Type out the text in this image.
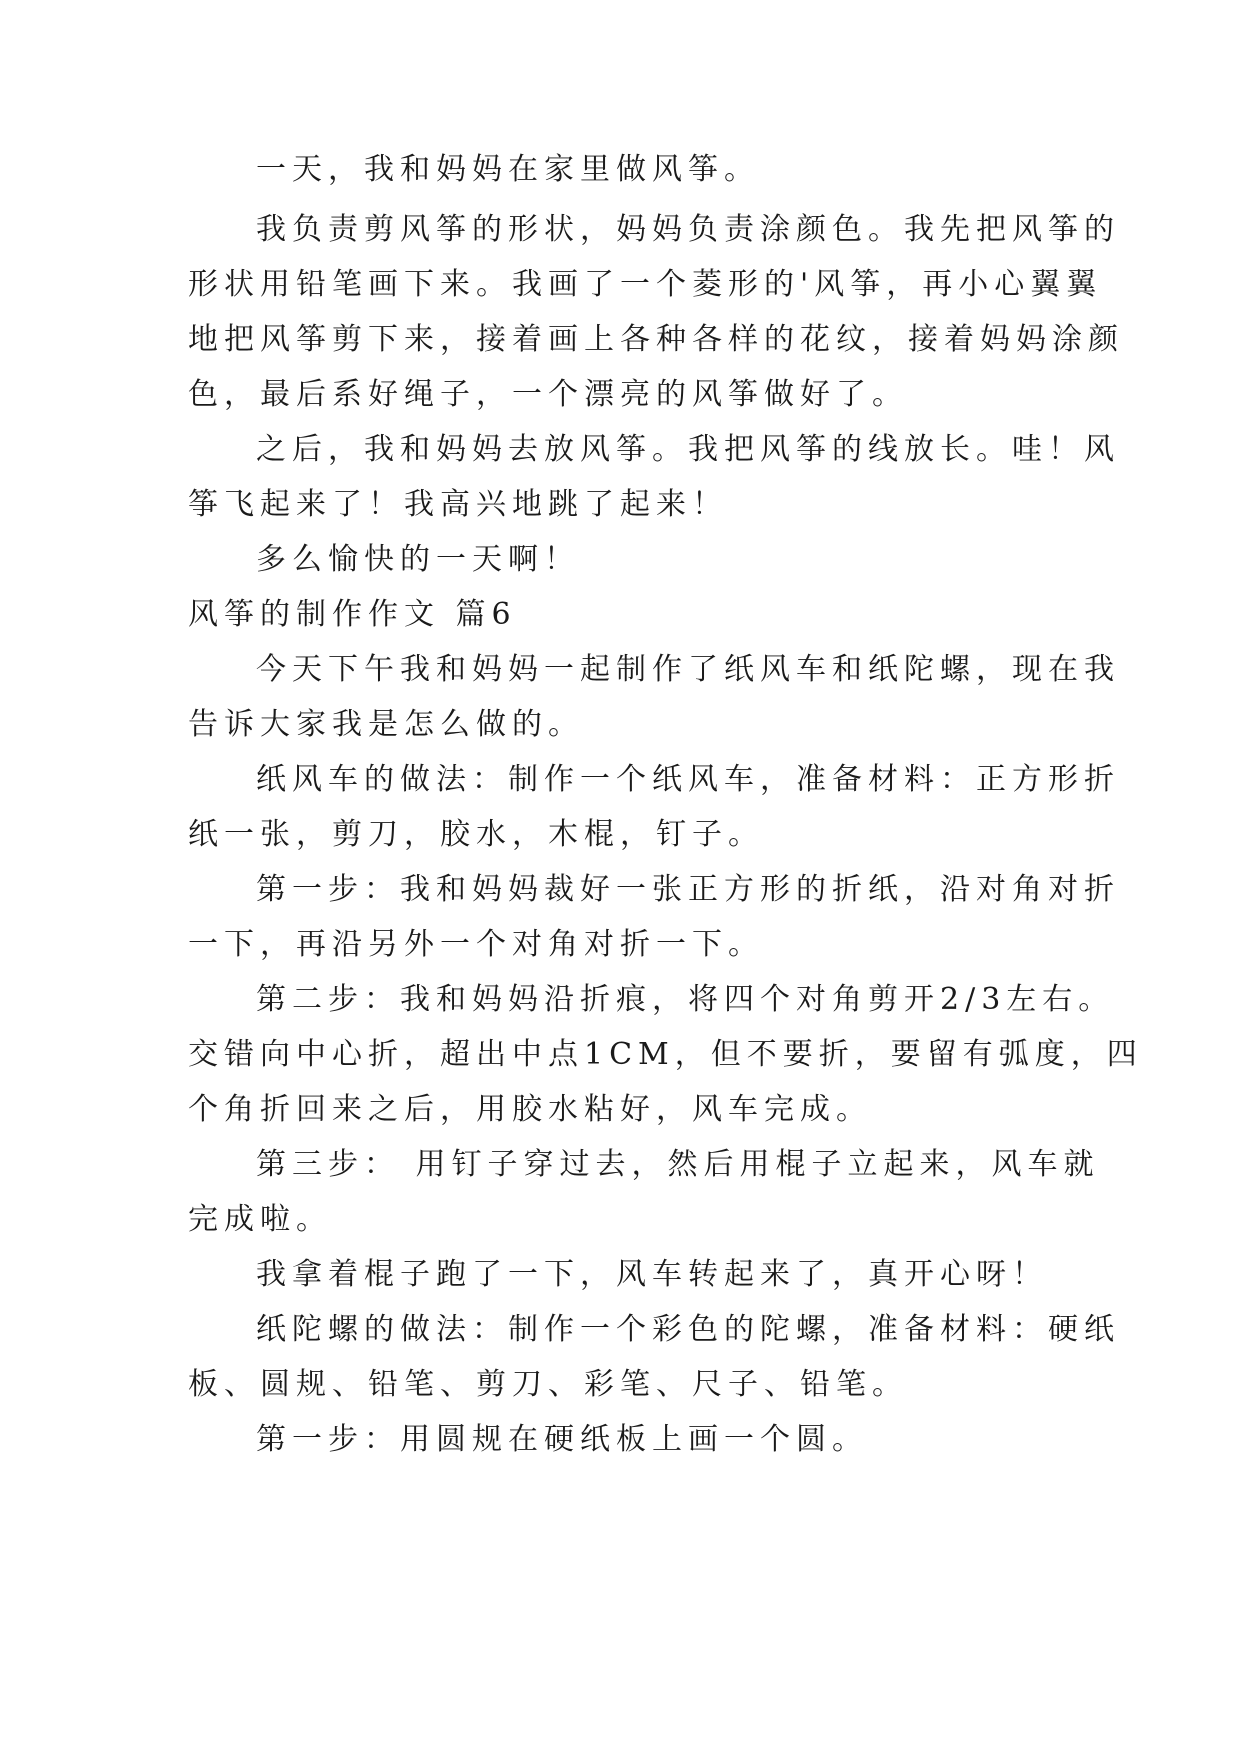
一天，我和妈妈在家里做风筝。
我负责剪风筝的形状，妈妈负责涂颜色。我先把风筝的
形状用铅笔画下来。我画了一个菱形的'风筝，再小心翼翼
地把风筝剪下来，接着画上各种各样的花纹，接着妈妈涂颜
色，最后系好绳子，一个漂亮的风筝做好了。
之后，我和妈妈去放风筝。我把风筝的线放长。哇！风
筝飞起来了！我高兴地跳了起来！
多么愉快的一天啊！
风筝的制作作文 篇6
今天下午我和妈妈一起制作了纸风车和纸陀螺，现在我
告诉大家我是怎么做的。
纸风车的做法：制作一个纸风车，准备材料：正方形折
纸一张，剪刀，胶水，木棍，钉子。
第一步：我和妈妈裁好一张正方形的折纸，沿对角对折
一下，再沿另外一个对角对折一下。
第二步：我和妈妈沿折痕，将四个对角剪开2/3左右。
交错向中心折，超出中点1CM，但不要折，要留有弧度，四
个角折回来之后，用胶水粘好，风车完成。
第三步： 用钉子穿过去，然后用棍子立起来，风车就
完成啦。
我拿着棍子跑了一下，风车转起来了，真开心呀！
纸陀螺的做法：制作一个彩色的陀螺，准备材料：硬纸
板、圆规、铅笔、剪刀、彩笔、尺子、铅笔。
第一步：用圆规在硬纸板上画一个圆。
